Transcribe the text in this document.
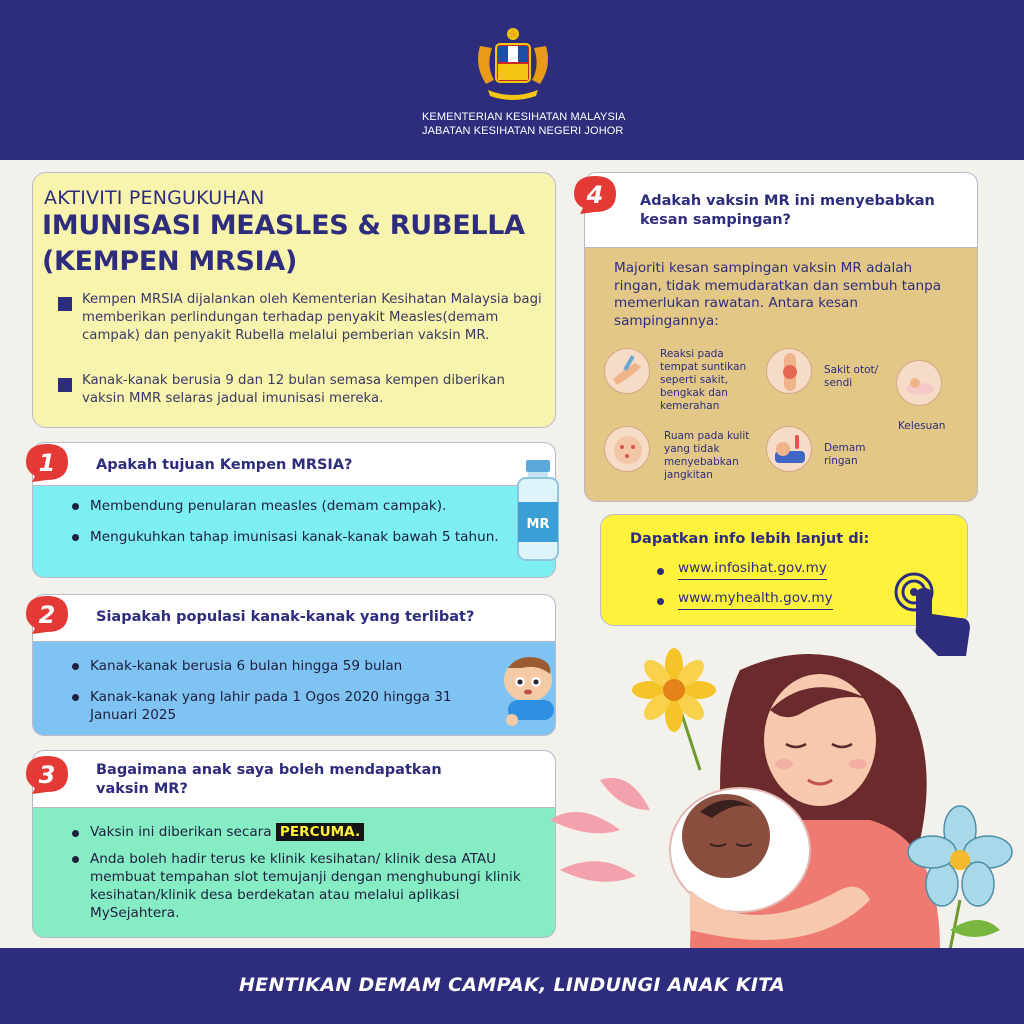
KEMENTERIAN KESIHATAN MALAYSIA
JABATAN KESIHATAN NEGERI JOHOR
AKTIVITI PENGUKUHAN
IMUNISASI MEASLES & RUBELLA
(KEMPEN MRSIA)
Kempen MRSIA dijalankan oleh Kementerian Kesihatan Malaysia bagi memberikan perlindungan terhadap penyakit Measles(demam campak) dan penyakit Rubella melalui pemberian vaksin MR.
Kanak-kanak berusia 9 dan 12 bulan semasa kempen diberikan vaksin MMR selaras jadual imunisasi mereka.
1	Apakah tujuan Kempen MRSIA?
Membendung penularan measles (demam campak).
Mengukuhkan tahap imunisasi kanak-kanak bawah 5 tahun.
MR
2	Siapakah populasi kanak-kanak yang terlibat?
Kanak-kanak berusia 6 bulan hingga 59 bulan
Kanak-kanak yang lahir pada 1 Ogos 2020 hingga 31 Januari 2025
3	Bagaimana anak saya boleh mendapatkan
vaksin MR?
Vaksin ini diberikan secara PERCUMA.
Anda boleh hadir terus ke klinik kesihatan/ klinik desa ATAU membuat tempahan slot temujanji dengan menghubungi klinik kesihatan/klinik desa berdekatan atau melalui aplikasi MySejahtera.
4	Adakah vaksin MR ini menyebabkan kesan sampingan?
Majoriti kesan sampingan vaksin MR adalah ringan, tidak memudaratkan dan sembuh tanpa memerlukan rawatan. Antara kesan sampingannya:
Reaksi pada tempat suntikan seperti sakit, bengkak dan kemerahan
Sakit otot/ sendi
Kelesuan
Ruam pada kulit yang tidak menyebabkan jangkitan
Demam ringan
Dapatkan info lebih lanjut di:
www.infosihat.gov.my
www.myhealth.gov.my
HENTIKAN DEMAM CAMPAK, LINDUNGI ANAK KITA
